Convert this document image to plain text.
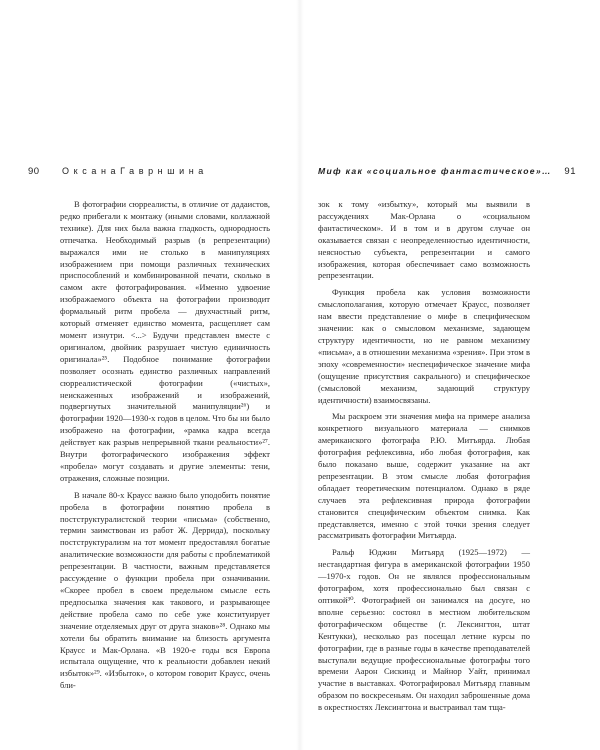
90 ОксанаГаврншина	Миф как «социальное фантастическое»… 91

В фотографии сюрреалисты, в отличие от дадаистов, редко прибегали к монтажу (иными словами, коллажной технике). Для них была важна гладкость, однородность отпечатка. Необходимый разрыв (в репрезентации) выражался ими не столько в манипуляциях изображением при помощи различных технических приспособлений и комбинированной печати, сколько в самом акте фотографирования. «Именно удвоение изображаемого объекта на фотографии производит формальный ритм пробела — двухчастный ритм, который отменяет единство момента, расщепляет сам момент изнутри. <...> Будучи представлен вместе с оригиналом, двойник разрушает чистую единичность оригинала»²⁵. Подобное понимание фотографии позволяет осознать единство различных направлений сюрреалистической фотографии («чистых», неискаженных изображений и изображений, подвергнутых значительной манипуляции²⁶) и фотографии 1920—1930-х годов в целом. Что бы ни было изображено на фотографии, «рамка кадра всегда действует как разрыв непрерывной ткани реальности»²⁷. Внутри фотографического изображения эффект «пробела» могут создавать и другие элементы: тени, отражения, сложные позиции.

В начале 80-х Краусс важно было уподобить понятие пробела в фотографии понятию пробела в постструктуралистской теории «письма» (собственно, термин заимствован из работ Ж. Деррида), поскольку постструктурализм на тот момент предоставлял богатые аналитические возможности для работы с проблематикой репрезентации. В частности, важным представляется рассуждение о функции пробела при означивании. «Скорее пробел в своем предельном смысле есть предпосылка значения как такового, и разрывающее действие пробела само по себе уже конституирует значение отделяемых друг от друга знаков»²⁸. Однако мы хотели бы обратить внимание на близость аргумента Краусс и Мак-Орлана. «В 1920-е годы вся Европа испытала ощущение, что к реальности добавлен некий избыток»²⁹. «Избыток», о котором говорит Краусс, очень бли-

зок к тому «избытку», который мы выявили в рассуждениях Мак-Орлана о «социальном фантастическом». И в том и в другом случае он оказывается связан с неопределенностью идентичности, неясностью субъекта, репрезентации и самого изображения, которая обеспечивает само возможность репрезентации.

Функция пробела как условия возможности смыслополагания, которую отмечает Краусс, позволяет нам ввести представление о мифе в специфическом значении: как о смысловом механизме, задающем структуру идентичности, но не равном механизму «письма», а в отношении механизма «зрения». При этом в эпоху «современности» неспецифическое значение мифа (ощущение присутствия сакрального) и специфическое (смысловой механизм, задающий структуру идентичности) взаимосвязаны.

Мы раскроем эти значения мифа на примере анализа конкретного визуального материала — снимков американского фотографа Р.Ю. Митъярда. Любая фотография рефлексивна, ибо любая фотография, как было показано выше, содержит указание на акт репрезентации. В этом смысле любая фотография обладает теоретическим потенциалом. Однако в ряде случаев эта рефлексивная природа фотографии становится специфическим объектом снимка. Как представляется, именно с этой точки зрения следует рассматривать фотографии Митъярда.

Ральф Юджин Митъярд (1925—1972) — нестандартная фигура в американской фотографии 1950—1970-х годов. Он не являлся профессиональным фотографом, хотя профессионально был связан с оптикой³⁰. Фотографией он занимался на досуге, но вполне серьезно: состоял в местном любительском фотографическом обществе (г. Лексингтон, штат Кентукки), несколько раз посещал летние курсы по фотографии, где в разные годы в качестве преподавателей выступали ведущие профессиональные фотографы того времени Аарон Сискинд и Майнор Уайт, принимал участие в выставках. Фотографировал Митъярд главным образом по воскресеньям. Он находил заброшенные дома в окрестностях Лексингтона и выстраивал там тща-
